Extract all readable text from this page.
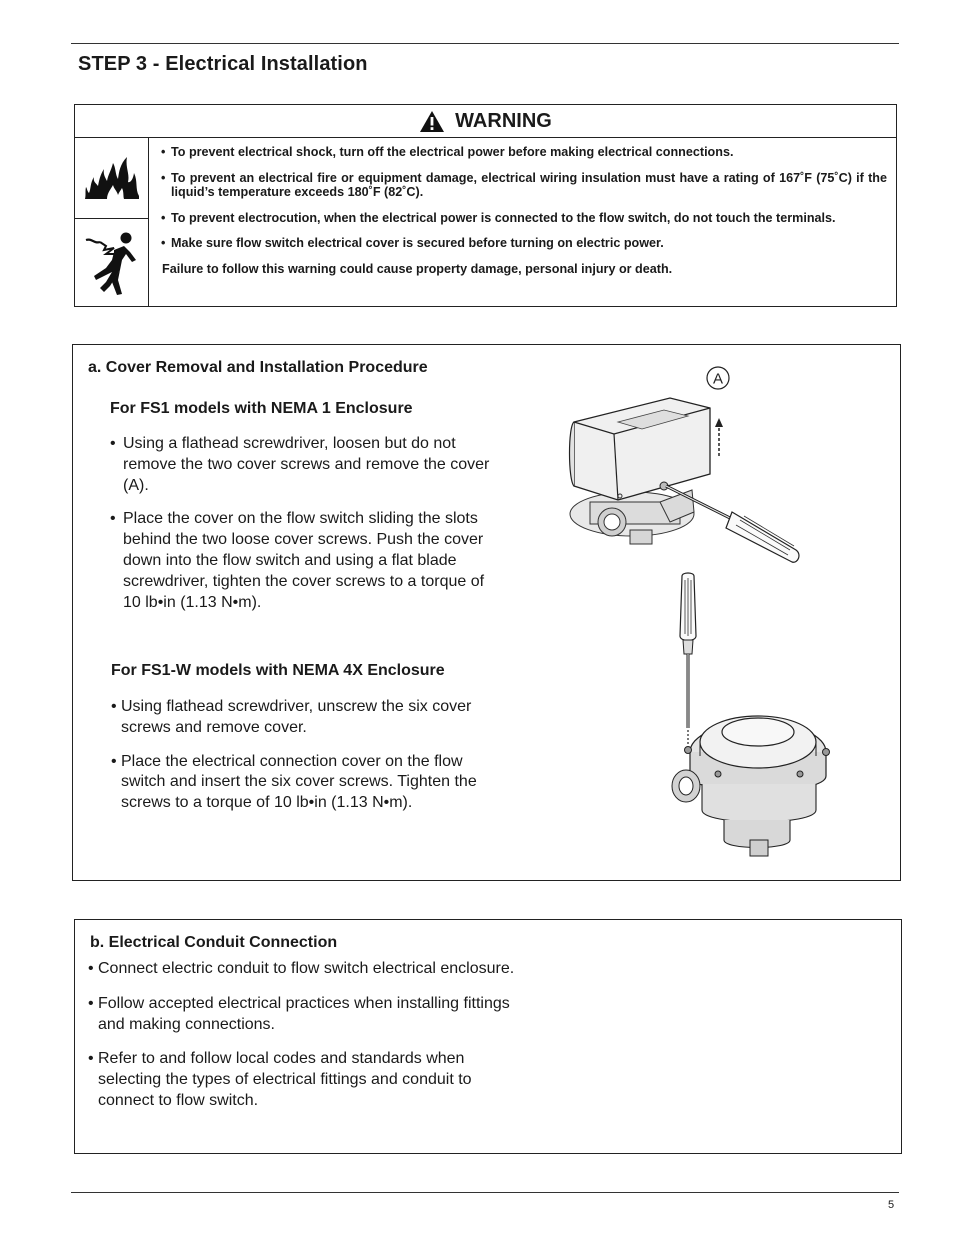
STEP 3 - Electrical Installation
WARNING
• To prevent electrical shock, turn off the electrical power before making electrical connections.
• To prevent an electrical fire or equipment damage, electrical wiring insulation must have a rating of 167˚F (75˚C) if the liquid’s temperature exceeds 180˚F (82˚C).
• To prevent electrocution, when the electrical power is connected to the flow switch, do not touch the terminals.
• Make sure flow switch electrical cover is secured before turning on electric power.
Failure to follow this warning could cause property damage, personal injury or death.
a. Cover Removal and Installation Procedure
For FS1 models with NEMA 1 Enclosure
• Using a flathead screwdriver, loosen but do not remove the two cover screws and remove the cover (A).
• Place the cover on the flow switch sliding the slots behind the two loose cover screws. Push the cover down into the flow switch and using a flat blade screwdriver, tighten the cover screws to a torque of 10 lb•in (1.13 N•m).
For FS1-W models with NEMA 4X Enclosure
• Using flathead screwdriver, unscrew the six cover screws and remove cover.
• Place the electrical connection cover on the flow switch and insert the six cover screws. Tighten the screws to a torque of 10 lb•in (1.13 N•m).
A
b. Electrical Conduit Connection
• Connect electric conduit to flow switch electrical enclosure.
• Follow accepted electrical practices when installing fittings and making connections.
• Refer to and follow local codes and standards when selecting the types of electrical fittings and conduit to connect to flow switch.
5
